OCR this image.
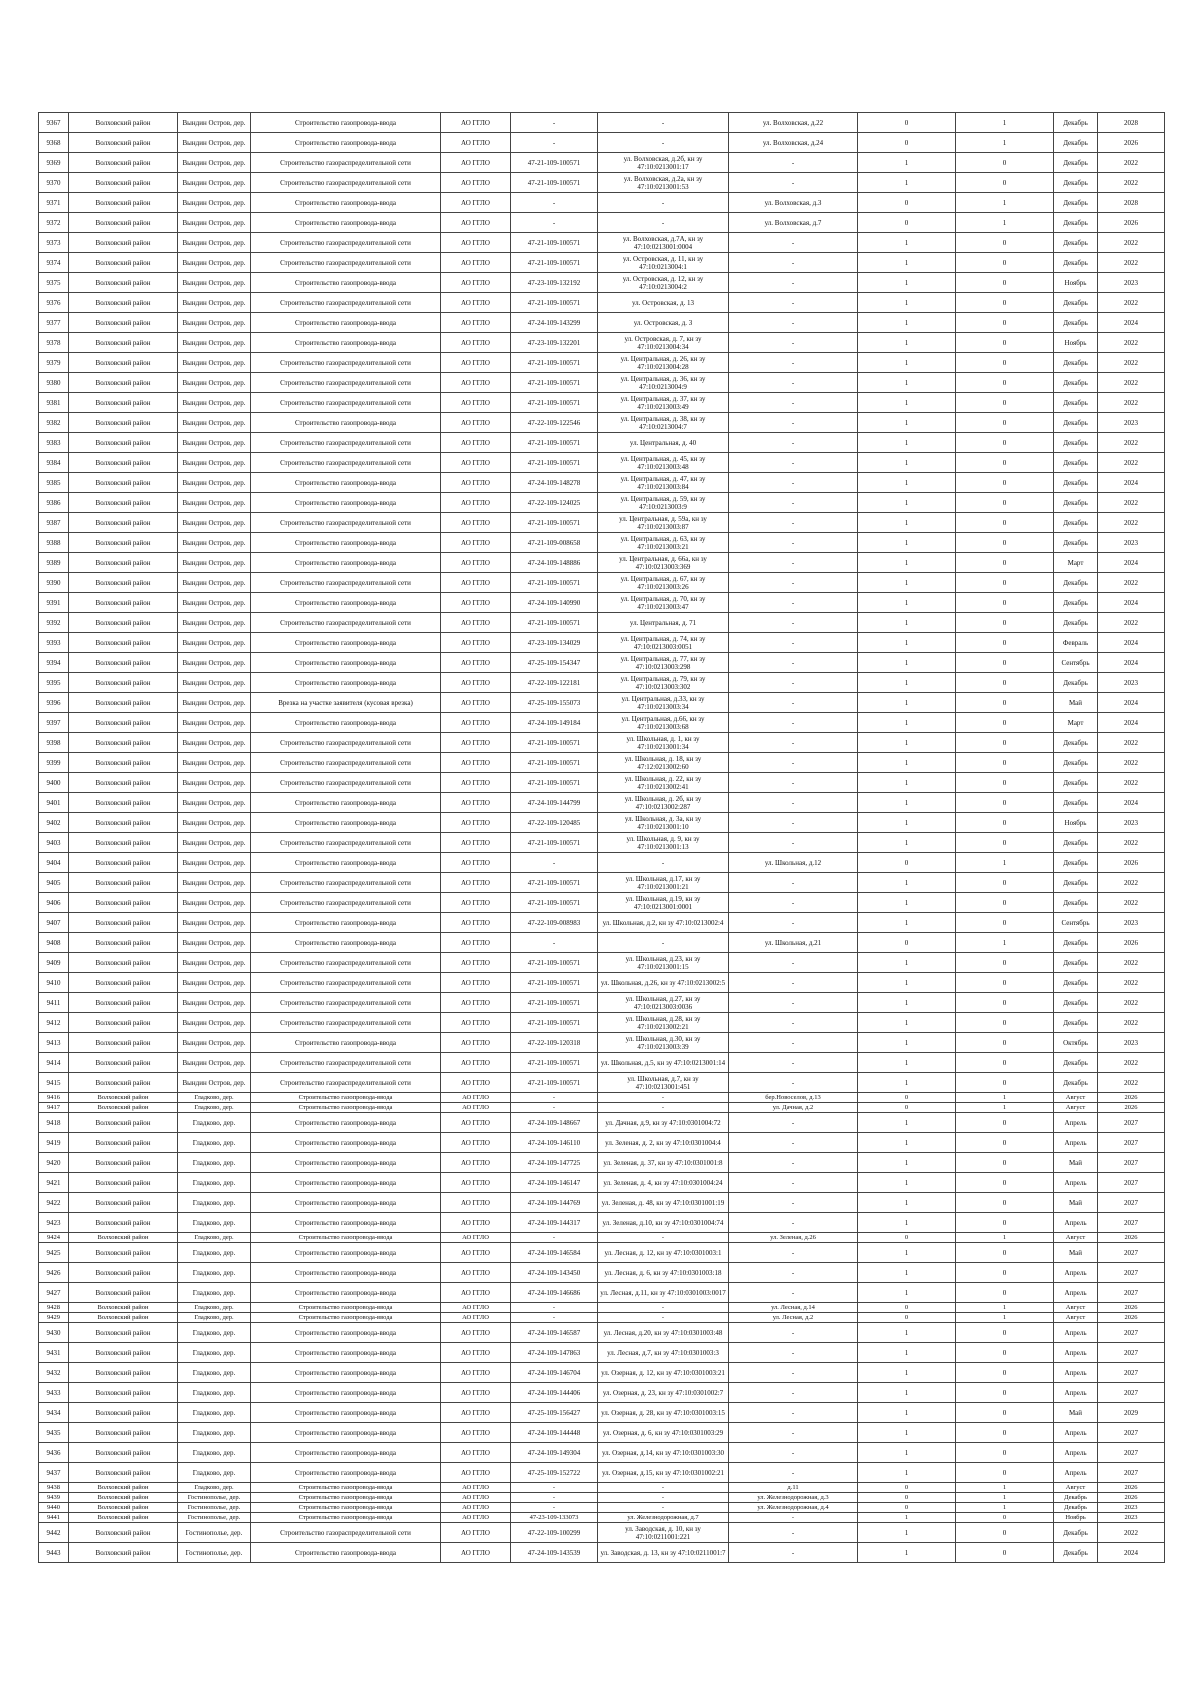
9367	Волховский район	Вындин Остров, дер.	Строительство газопровода-ввода	АО ГГЛО	-	-	ул. Волховская, д.22	0	1	Декабрь	2028
9368	Волховский район	Вындин Остров, дер.	Строительство газопровода-ввода	АО ГГЛО	-	-	ул. Волховская, д.24	0	1	Декабрь	2026
9369	Волховский район	Вындин Остров, дер.	Строительство газораспределительной сети	АО ГГЛО	47-21-109-100571	ул. Волховская, д.2б, кн зу 47:10:0213001:17	-	1	0	Декабрь	2022
9370	Волховский район	Вындин Остров, дер.	Строительство газораспределительной сети	АО ГГЛО	47-21-109-100571	ул. Волховская, д.2а, кн зу 47:10:0213001:53	-	1	0	Декабрь	2022
9371	Волховский район	Вындин Остров, дер.	Строительство газопровода-ввода	АО ГГЛО	-	-	ул. Волховская, д.3	0	1	Декабрь	2028
9372	Волховский район	Вындин Остров, дер.	Строительство газопровода-ввода	АО ГГЛО	-	-	ул. Волховская, д.7	0	1	Декабрь	2026
9373	Волховский район	Вындин Остров, дер.	Строительство газораспределительной сети	АО ГГЛО	47-21-109-100571	ул. Волховская, д.7А, кн зу 47:10:0213001:0004	-	1	0	Декабрь	2022
9374	Волховский район	Вындин Остров, дер.	Строительство газораспределительной сети	АО ГГЛО	47-21-109-100571	ул. Островская, д. 11, кн зу 47:10:0213004:1	-	1	0	Декабрь	2022
9375	Волховский район	Вындин Остров, дер.	Строительство газопровода-ввода	АО ГГЛО	47-23-109-132192	ул. Островская, д. 12, кн зу 47:10:0213004:2	-	1	0	Ноябрь	2023
9376	Волховский район	Вындин Остров, дер.	Строительство газораспределительной сети	АО ГГЛО	47-21-109-100571	ул. Островская, д. 13	-	1	0	Декабрь	2022
9377	Волховский район	Вындин Остров, дер.	Строительство газопровода-ввода	АО ГГЛО	47-24-109-143299	ул. Островская, д. 3	-	1	0	Декабрь	2024
9378	Волховский район	Вындин Остров, дер.	Строительство газопровода-ввода	АО ГГЛО	47-23-109-132201	ул. Островская, д. 7, кн зу 47:10:0213004:34	-	1	0	Ноябрь	2022
9379	Волховский район	Вындин Остров, дер.	Строительство газораспределительной сети	АО ГГЛО	47-21-109-100571	ул. Центральная, д. 26, кн зу 47:10:0213004:28	-	1	0	Декабрь	2022
9380	Волховский район	Вындин Остров, дер.	Строительство газораспределительной сети	АО ГГЛО	47-21-109-100571	ул. Центральная, д. 36, кн зу 47:10:0213004:9	-	1	0	Декабрь	2022
9381	Волховский район	Вындин Остров, дер.	Строительство газораспределительной сети	АО ГГЛО	47-21-109-100571	ул. Центральная, д. 37, кн зу 47:10:0213003:49	-	1	0	Декабрь	2022
9382	Волховский район	Вындин Остров, дер.	Строительство газопровода-ввода	АО ГГЛО	47-22-109-122546	ул. Центральная, д. 38, кн зу 47:10:0213004:7	-	1	0	Декабрь	2023
9383	Волховский район	Вындин Остров, дер.	Строительство газораспределительной сети	АО ГГЛО	47-21-109-100571	ул. Центральная, д. 40	-	1	0	Декабрь	2022
9384	Волховский район	Вындин Остров, дер.	Строительство газораспределительной сети	АО ГГЛО	47-21-109-100571	ул. Центральная, д. 45, кн зу 47:10:0213003:48	-	1	0	Декабрь	2022
9385	Волховский район	Вындин Остров, дер.	Строительство газопровода-ввода	АО ГГЛО	47-24-109-148278	ул. Центральная, д. 47, кн зу 47:10:0213003:84	-	1	0	Декабрь	2024
9386	Волховский район	Вындин Остров, дер.	Строительство газопровода-ввода	АО ГГЛО	47-22-109-124025	ул. Центральная, д. 59, кн зу 47:10:0213003:9	-	1	0	Декабрь	2022
9387	Волховский район	Вындин Остров, дер.	Строительство газораспределительной сети	АО ГГЛО	47-21-109-100571	ул. Центральная, д. 59а, кн зу 47:10:0213003:87	-	1	0	Декабрь	2022
9388	Волховский район	Вындин Остров, дер.	Строительство газопровода-ввода	АО ГГЛО	47-21-109-008658	ул. Центральная, д. 63, кн зу 47:10:0213003:21	-	1	0	Декабрь	2023
9389	Волховский район	Вындин Остров, дер.	Строительство газопровода-ввода	АО ГГЛО	47-24-109-148886	ул. Центральная, д. 66а, кн зу 47:10:0213003:369	-	1	0	Март	2024
9390	Волховский район	Вындин Остров, дер.	Строительство газораспределительной сети	АО ГГЛО	47-21-109-100571	ул. Центральная, д. 67, кн зу 47:10:0213003:26	-	1	0	Декабрь	2022
9391	Волховский район	Вындин Остров, дер.	Строительство газопровода-ввода	АО ГГЛО	47-24-109-140990	ул. Центральная, д. 70, кн зу 47:10:0213003:47	-	1	0	Декабрь	2024
9392	Волховский район	Вындин Остров, дер.	Строительство газораспределительной сети	АО ГГЛО	47-21-109-100571	ул. Центральная, д. 71	-	1	0	Декабрь	2022
9393	Волховский район	Вындин Остров, дер.	Строительство газопровода-ввода	АО ГГЛО	47-23-109-134029	ул. Центральная, д. 74, кн зу 47:10:0213003:0051	-	1	0	Февраль	2024
9394	Волховский район	Вындин Остров, дер.	Строительство газопровода-ввода	АО ГГЛО	47-25-109-154347	ул. Центральная, д. 77, кн зу 47:10:0213003:298	-	1	0	Сентябрь	2024
9395	Волховский район	Вындин Остров, дер.	Строительство газопровода-ввода	АО ГГЛО	47-22-109-122181	ул. Центральная, д. 79, кн зу 47:10:0213003:302	-	1	0	Декабрь	2023
9396	Волховский район	Вындин Остров, дер.	Врезка на участке заявителя (кусовая врезка)	АО ГГЛО	47-25-109-155073	ул. Центральная, д.33, кн зу 47:10:0213003:34	-	1	0	Май	2024
9397	Волховский район	Вындин Остров, дер.	Строительство газопровода-ввода	АО ГГЛО	47-24-109-149184	ул. Центральная, д.66, кн зу 47:10:0213003:68	-	1	0	Март	2024
9398	Волховский район	Вындин Остров, дер.	Строительство газораспределительной сети	АО ГГЛО	47-21-109-100571	ул. Школьная, д. 1, кн зу 47:10:0213001:34	-	1	0	Декабрь	2022
9399	Волховский район	Вындин Остров, дер.	Строительство газораспределительной сети	АО ГГЛО	47-21-109-100571	ул. Школьная, д. 18, кн зу 47:12:0213002:60	-	1	0	Декабрь	2022
9400	Волховский район	Вындин Остров, дер.	Строительство газораспределительной сети	АО ГГЛО	47-21-109-100571	ул. Школьная, д. 22, кн зу 47:10:0213002:41	-	1	0	Декабрь	2022
9401	Волховский район	Вындин Остров, дер.	Строительство газопровода-ввода	АО ГГЛО	47-24-109-144799	ул. Школьная, д. 2б, кн зу 47:10:0213002:287	-	1	0	Декабрь	2024
9402	Волховский район	Вындин Остров, дер.	Строительство газопровода-ввода	АО ГГЛО	47-22-109-120485	ул. Школьная, д. 3а, кн зу 47:10:0213001:10	-	1	0	Ноябрь	2023
9403	Волховский район	Вындин Остров, дер.	Строительство газораспределительной сети	АО ГГЛО	47-21-109-100571	ул. Школьная, д. 9, кн зу 47:10:0213001:13	-	1	0	Декабрь	2022
9404	Волховский район	Вындин Остров, дер.	Строительство газопровода-ввода	АО ГГЛО	-	-	ул. Школьная, д.12	0	1	Декабрь	2026
9405	Волховский район	Вындин Остров, дер.	Строительство газораспределительной сети	АО ГГЛО	47-21-109-100571	ул. Школьная, д.17, кн зу 47:10:0213001:21	-	1	0	Декабрь	2022
9406	Волховский район	Вындин Остров, дер.	Строительство газораспределительной сети	АО ГГЛО	47-21-109-100571	ул. Школьная, д.19, кн зу 47:10:0213001:0001	-	1	0	Декабрь	2022
9407	Волховский район	Вындин Остров, дер.	Строительство газопровода-ввода	АО ГГЛО	47-22-109-008983	ул. Школьная, д.2, кн зу 47:10:0213002:4	-	1	0	Сентябрь	2023
9408	Волховский район	Вындин Остров, дер.	Строительство газопровода-ввода	АО ГГЛО	-	-	ул. Школьная, д.21	0	1	Декабрь	2026
9409	Волховский район	Вындин Остров, дер.	Строительство газораспределительной сети	АО ГГЛО	47-21-109-100571	ул. Школьная, д.23, кн зу 47:10:0213001:15	-	1	0	Декабрь	2022
9410	Волховский район	Вындин Остров, дер.	Строительство газораспределительной сети	АО ГГЛО	47-21-109-100571	ул. Школьная, д.26, кн зу 47:10:0213002:5	-	1	0	Декабрь	2022
9411	Волховский район	Вындин Остров, дер.	Строительство газораспределительной сети	АО ГГЛО	47-21-109-100571	ул. Школьная, д.27, кн зу 47:10:0213003:0036	-	1	0	Декабрь	2022
9412	Волховский район	Вындин Остров, дер.	Строительство газораспределительной сети	АО ГГЛО	47-21-109-100571	ул. Школьная, д.28, кн зу 47:10:0213002:21	-	1	0	Декабрь	2022
9413	Волховский район	Вындин Остров, дер.	Строительство газопровода-ввода	АО ГГЛО	47-22-109-120318	ул. Школьная, д.30, кн зу 47:10:0213003:39	-	1	0	Октябрь	2023
9414	Волховский район	Вындин Остров, дер.	Строительство газораспределительной сети	АО ГГЛО	47-21-109-100571	ул. Школьная, д.5, кн зу 47:10:0213001:14	-	1	0	Декабрь	2022
9415	Волховский район	Вындин Остров, дер.	Строительство газораспределительной сети	АО ГГЛО	47-21-109-100571	ул. Школьная, д.7, кн зу 47:10:0213001:451	-	1	0	Декабрь	2022
9416	Волховский район	Гладково, дер.	Строительство газопровода-ввода	АО ГГЛО	-	-	бер.Новоселов, д.13	0	1	Август	2026
9417	Волховский район	Гладково, дер.	Строительство газопровода-ввода	АО ГГЛО	-	-	ул. Дачная, д.2	0	1	Август	2026
9418	Волховский район	Гладково, дер.	Строительство газопровода-ввода	АО ГГЛО	47-24-109-148667	ул. Дачная, д.9, кн зу 47:10:0301004:72	-	1	0	Апрель	2027
9419	Волховский район	Гладково, дер.	Строительство газопровода-ввода	АО ГГЛО	47-24-109-146110	ул. Зеленая, д. 2, кн зу 47:10:0301004:4	-	1	0	Апрель	2027
9420	Волховский район	Гладково, дер.	Строительство газопровода-ввода	АО ГГЛО	47-24-109-147725	ул. Зеленая, д. 37, кн зу 47:10:0301001:8	-	1	0	Май	2027
9421	Волховский район	Гладково, дер.	Строительство газопровода-ввода	АО ГГЛО	47-24-109-146147	ул. Зеленая, д. 4, кн зу 47:10:0301004:24	-	1	0	Апрель	2027
9422	Волховский район	Гладково, дер.	Строительство газопровода-ввода	АО ГГЛО	47-24-109-144769	ул. Зеленая, д. 48, кн зу 47:10:0301001:19	-	1	0	Май	2027
9423	Волховский район	Гладково, дер.	Строительство газопровода-ввода	АО ГГЛО	47-24-109-144317	ул. Зеленая, д.10, кн зу 47:10:0301004:74	-	1	0	Апрель	2027
9424	Волховский район	Гладково, дер.	Строительство газопровода-ввода	АО ГГЛО	-	-	ул. Зеленая, д.26	0	1	Август	2026
9425	Волховский район	Гладково, дер.	Строительство газопровода-ввода	АО ГГЛО	47-24-109-146584	ул. Лесная, д. 12, кн зу 47:10:0301003:1	-	1	0	Май	2027
9426	Волховский район	Гладково, дер.	Строительство газопровода-ввода	АО ГГЛО	47-24-109-143450	ул. Лесная, д. 6, кн зу 47:10:0301003:18	-	1	0	Апрель	2027
9427	Волховский район	Гладково, дер.	Строительство газопровода-ввода	АО ГГЛО	47-24-109-146686	ул. Лесная, д.11, кн зу 47:10:0301003:0017	-	1	0	Апрель	2027
9428	Волховский район	Гладково, дер.	Строительство газопровода-ввода	АО ГГЛО	-	-	ул. Лесная, д.14	0	1	Август	2026
9429	Волховский район	Гладково, дер.	Строительство газопровода-ввода	АО ГГЛО	-	-	ул. Лесная, д.2	0	1	Август	2026
9430	Волховский район	Гладково, дер.	Строительство газопровода-ввода	АО ГГЛО	47-24-109-146587	ул. Лесная, д.20, кн зу 47:10:0301003:48	-	1	0	Апрель	2027
9431	Волховский район	Гладково, дер.	Строительство газопровода-ввода	АО ГГЛО	47-24-109-147863	ул. Лесная, д.7, кн зу 47:10:0301003:3	-	1	0	Апрель	2027
9432	Волховский район	Гладково, дер.	Строительство газопровода-ввода	АО ГГЛО	47-24-109-146704	ул. Озерная, д. 12, кн зу 47:10:0301003:21	-	1	0	Апрель	2027
9433	Волховский район	Гладково, дер.	Строительство газопровода-ввода	АО ГГЛО	47-24-109-144406	ул. Озерная, д. 23, кн зу 47:10:0301002:7	-	1	0	Апрель	2027
9434	Волховский район	Гладково, дер.	Строительство газопровода-ввода	АО ГГЛО	47-25-109-156427	ул. Озерная, д. 28, кн зу 47:10:0301003:15	-	1	0	Май	2029
9435	Волховский район	Гладково, дер.	Строительство газопровода-ввода	АО ГГЛО	47-24-109-144448	ул. Озерная, д. 6, кн зу 47:10:0301003:29	-	1	0	Апрель	2027
9436	Волховский район	Гладково, дер.	Строительство газопровода-ввода	АО ГГЛО	47-24-109-149304	ул. Озерная, д.14, кн зу 47:10:0301003:30	-	1	0	Апрель	2027
9437	Волховский район	Гладково, дер.	Строительство газопровода-ввода	АО ГГЛО	47-25-109-152722	ул. Озерная, д.15, кн зу 47:10:0301002:21	-	1	0	Апрель	2027
9438	Волховский район	Гладково, дер.	Строительство газопровода-ввода	АО ГГЛО	-	-	д.11	0	1	Август	2026
9439	Волховский район	Гостинополье, дер.	Строительство газопровода-ввода	АО ГГЛО	-	-	ул. Железнодорожная, д.3	0	1	Декабрь	2026
9440	Волховский район	Гостинополье, дер.	Строительство газопровода-ввода	АО ГГЛО	-	-	ул. Железнодорожная, д.4	0	1	Декабрь	2023
9441	Волховский район	Гостинополье, дер.	Строительство газопровода-ввода	АО ГГЛО	47-23-109-133073	ул. Железнодорожная, д.7	-	1	0	Ноябрь	2023
9442	Волховский район	Гостинополье, дер.	Строительство газораспределительной сети	АО ГГЛО	47-22-109-100299	ул. Заводская, д. 10, кн зу 47:10:0211001:221	-	1	0	Декабрь	2022
9443	Волховский район	Гостинополье, дер.	Строительство газопровода-ввода	АО ГГЛО	47-24-109-143539	ул. Заводская, д. 13, кн зу 47:10:0211001:7	-	1	0	Декабрь	2024
